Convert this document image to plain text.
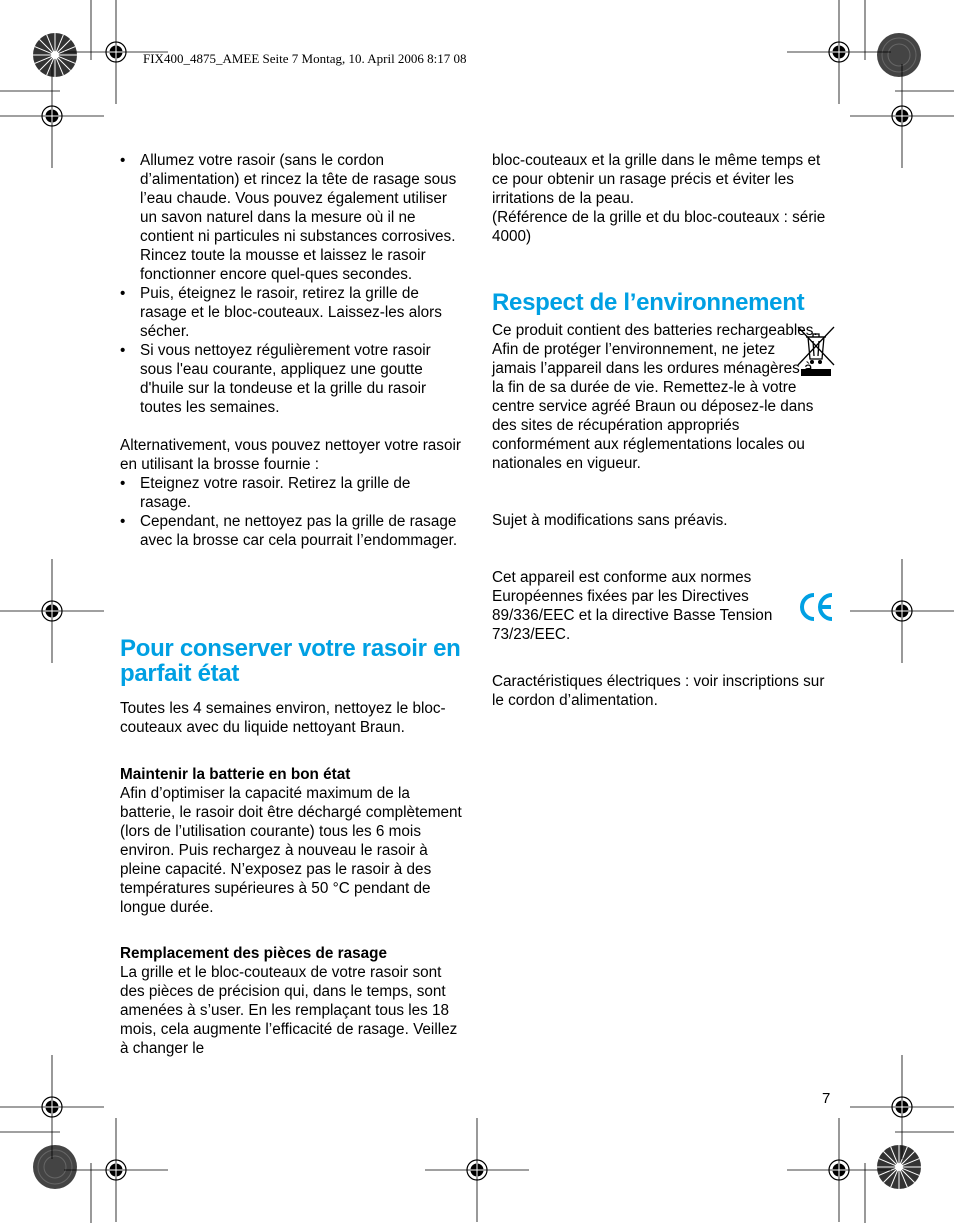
FIX400_4875_AMEE Seite 7 Montag, 10. April 2006 8:17 08
• Allumez votre rasoir (sans le cordon d’alimentation) et rincez la tête de rasage sous l’eau chaude. Vous pouvez également utiliser un savon naturel dans la mesure où il ne contient ni particules ni substances corrosives. Rincez toute la mousse et laissez le rasoir fonctionner encore quel-ques secondes.
• Puis, éteignez le rasoir, retirez la grille de rasage et le bloc-couteaux. Laissez-les alors sécher.
• Si vous nettoyez régulièrement votre rasoir sous l'eau courante, appliquez une goutte d'huile sur la tondeuse et la grille du rasoir toutes les semaines.

Alternativement, vous pouvez nettoyer votre rasoir en utilisant la brosse fournie :

• Eteignez votre rasoir. Retirez la grille de rasage.
• Cependant, ne nettoyez pas la grille de rasage avec la brosse car cela pourrait l’endommager.
Pour conserver votre rasoir en parfait état

Toutes les 4 semaines environ, nettoyez le bloc-couteaux avec du liquide nettoyant Braun.

Maintenir la batterie en bon état

Afin d’optimiser la capacité maximum de la batterie, le rasoir doit être déchargé complètement (lors de l’utilisation courante) tous les 6 mois environ. Puis rechargez à nouveau le rasoir à pleine capacité. N’exposez pas le rasoir à des températures supérieures à 50 °C pendant de longue durée.

Remplacement des pièces de rasage

La grille et le bloc-couteaux de votre rasoir sont des pièces de précision qui, dans le temps, sont amenées à s’user. En les remplaçant tous les 18 mois, cela augmente l’efficacité de rasage. Veillez à changer le

bloc-couteaux et la grille dans le même temps et ce pour obtenir un rasage précis et éviter les irritations de la peau.

(Référence de la grille et du bloc-couteaux : série 4000)

Respect de l’environnement

Ce produit contient des batteries rechargeables. Afin de protéger l’environnement, ne jetez jamais l’appareil dans les ordures ménagères à la fin de sa durée de vie. Remettez-le à votre centre service agréé Braun ou déposez-le dans des sites de récupération appropriés conformément aux réglementations locales ou nationales en vigueur.

Sujet à modifications sans préavis.

Cet appareil est conforme aux normes Européennes fixées par les Directives 89/336/EEC et la directive Basse Tension 73/23/EEC.

Caractéristiques électriques : voir inscriptions sur le cordon d’alimentation.

7
